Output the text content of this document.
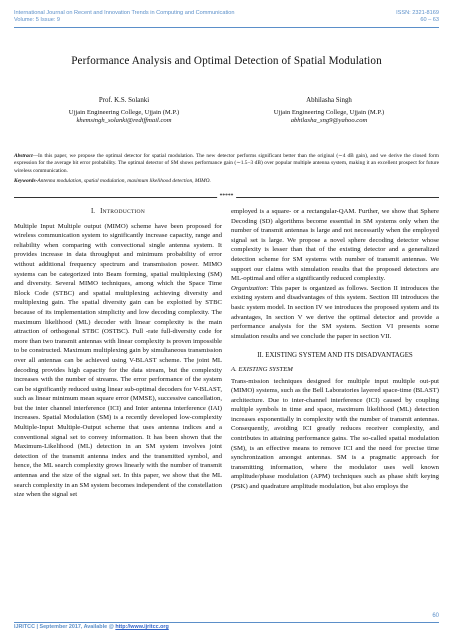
International Journal on Recent and Innovation Trends in Computing and Communication
Volume: 5 Issue: 9
ISSN: 2321-8169
60 – 63
Performance Analysis and Optimal Detection of Spatial Modulation
Prof. K.S. Solanki
Ujjain Engineering College, Ujjain (M.P.)
khemsingh_solanki@rediffmail.com
Abhilasha Singh
Ujjain Engineering College, Ujjain (M.P.)
abhilasha_sng9@yahoo.com
Abstract—In this paper, we propose the optimal detector for spatial modulation. The new detector performs significant better than the original (∼4 dB gain), and we derive the closed form expression for the average bit error probability. The optimal detector of SM shows performance gain (∼1.5−3 dB) over popular multiple antenna system, making it an excellent prospect for future wireless communication.
Keywords-Antenna modulation, spatial modulation, maximum likelihood detection, MIMO.
*****
I. INTRODUCTION

Multiple Input Multiple output (MIMO) scheme have been proposed for wireless communication system to significantly increase capacity, range and reliability when comparing with convectional single antenna system. It provides increase in data throughput and minimum probability of error without additional frequency spectrum and transmission power. MIMO systems can be categorized into Beam forming, spatial multiplexing (SM) and diversity. Several MIMO techniques, among which the Space Time Block Code (STBC) and spatial multiplexing achieving diversity and multiplexing gain. The spatial diversity gain can be exploited by STBC because of its implementation simplicity and low decoding complexity. The maximum likelihood (ML) decoder with linear complexity is the main attraction of orthogonal STBC (OSTBC). Full -rate full-diversity code for more than two transmit antennas with linear complexity is proven impossible to be constructed. Maximum multiplexing gain by simultaneous transmission over all antennas can be achieved using V-BLAST scheme. The joint ML decoding provides high capacity for the data stream, but the complexity increases with the number of streams. The error performance of the system can be significantly reduced using linear sub-optimal decoders for V-BLAST, such as linear minimum mean square error (MMSE), successive cancellation, but the inter channel interference (ICI) and Inter antenna interference (IAI) increases. Spatial Modulation (SM) is a recently developed low-complexity Multiple-Input Multiple-Output scheme that uses antenna indices and a conventional signal set to convey information. It has been shown that the Maximum-Likelihood (ML) detection in an SM system involves joint detection of the transmit antenna index and the transmitted symbol, and hence, the ML search complexity grows linearly with the number of transmit antennas and the size of the signal set. In this paper, we show that the ML search complexity in an SM system becomes independent of the constellation size when the signal set

employed is a square- or a rectangular-QAM. Further, we show that Sphere Decoding (SD) algorithms become essential in SM systems only when the number of transmit antennas is large and not necessarily when the employed signal set is large. We propose a novel sphere decoding detector whose complexity is lesser than that of the existing detector and a generalized detection scheme for SM systems with number of transmit antennas. We support our claims with simulation results that the proposed detectors are ML-optimal and offer a significantly reduced complexity.

Organization: This paper is organized as follows. Section II introduces the existing system and disadvantages of this system. Section III introduces the basic system model. In section IV we introduces the proposed system and its advantages, In section V we derive the optimal detector and provide a performance analysis for the SM system. Section VI presents some simulation results and we conclude the paper in section VII.

II. EXISTING SYSTEM AND ITS DISADVANTAGES
A. EXISTING SYSTEM

Trans-mission techniques designed for multiple input multiple out-put (MIMO) systems, such as the Bell Laboratories layered space-time (BLAST) architecture. Due to inter-channel interference (ICI) caused by coupling multiple symbols in time and space, maximum likelihood (ML) detection increases exponentially in complexity with the number of transmit antennas. Consequently, avoiding ICI greatly reduces receiver complexity, and contributes in attaining performance gains. The so-called spatial modulation (SM), is an effective means to remove ICI and the need for precise time synchronization amongst antennas. SM is a pragmatic approach for transmitting information, where the modulator uses well known amplitude/phase modulation (APM) techniques such as phase shift keying (PSK) and quadrature amplitude modulation, but also employs the

60
IJRITCC | September 2017, Available @ http://www.ijritcc.org
